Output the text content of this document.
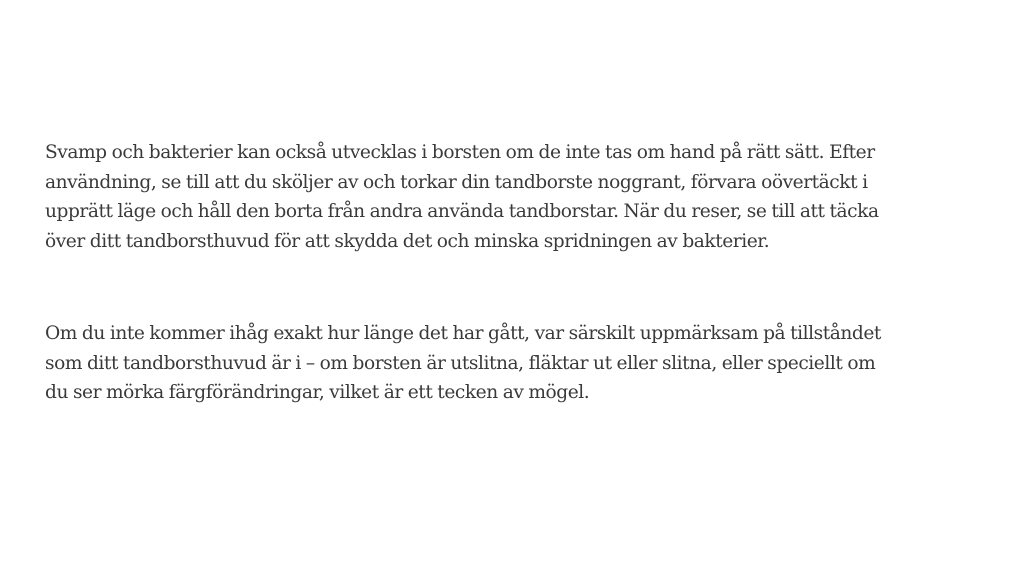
Svamp och bakterier kan också utvecklas i borsten om de inte tas om hand på rätt sätt. Efter
användning, se till att du sköljer av och torkar din tandborste noggrant, förvara oövertäckt i
upprätt läge och håll den borta från andra använda tandborstar. När du reser, se till att täcka
över ditt tandborsthuvud för att skydda det och minska spridningen av bakterier.

Om du inte kommer ihåg exakt hur länge det har gått, var särskilt uppmärksam på tillståndet
som ditt tandborsthuvud är i – om borsten är utslitna, fläktar ut eller slitna, eller speciellt om
du ser mörka färgförändringar, vilket är ett tecken av mögel.
